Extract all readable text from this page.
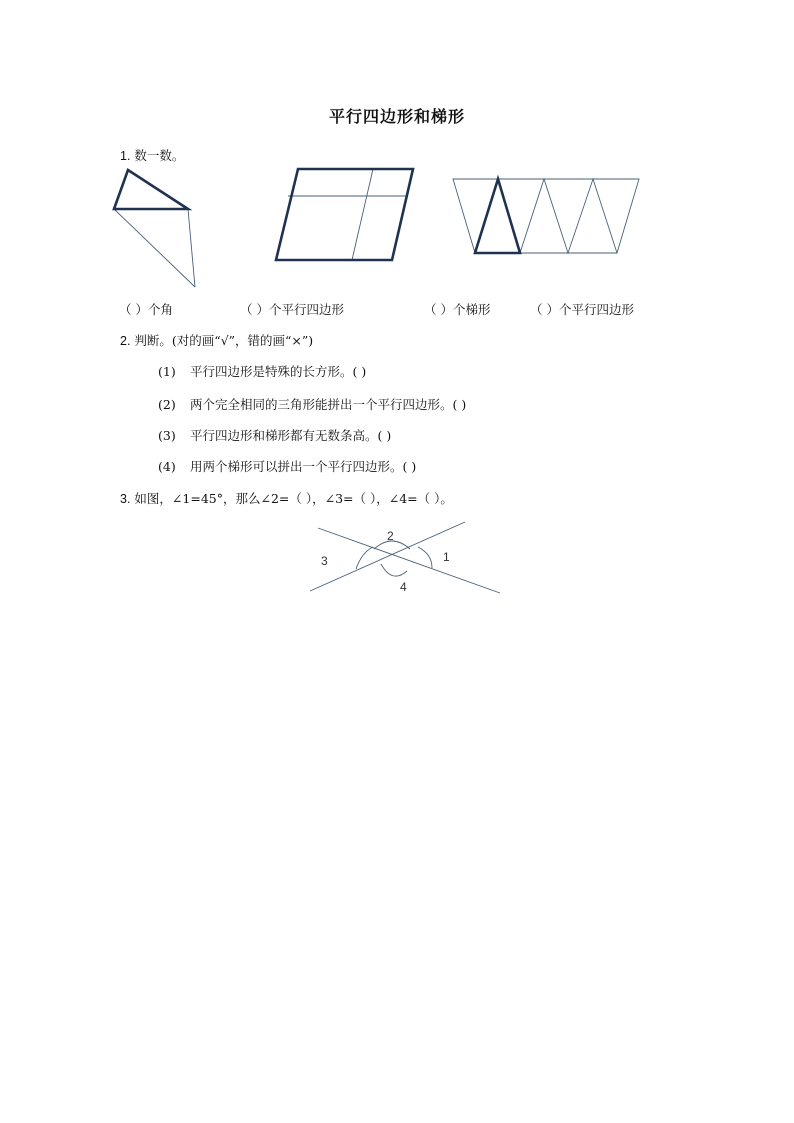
平行四边形和梯形
1. 数一数。
（ ）个角	（ ）个平行四边形	（ ）个梯形	（ ）个平行四边形
2. 判断。(对的画“√”，错的画“×”)
(1) 平行四边形是特殊的长方形。( )
(2) 两个完全相同的三角形能拼出一个平行四边形。( )
(3) 平行四边形和梯形都有无数条高。( )
(4) 用两个梯形可以拼出一个平行四边形。( )
3. 如图，∠1=45°，那么∠2=（ ），∠3=（ ），∠4=（ ）。
1
2
3
4
